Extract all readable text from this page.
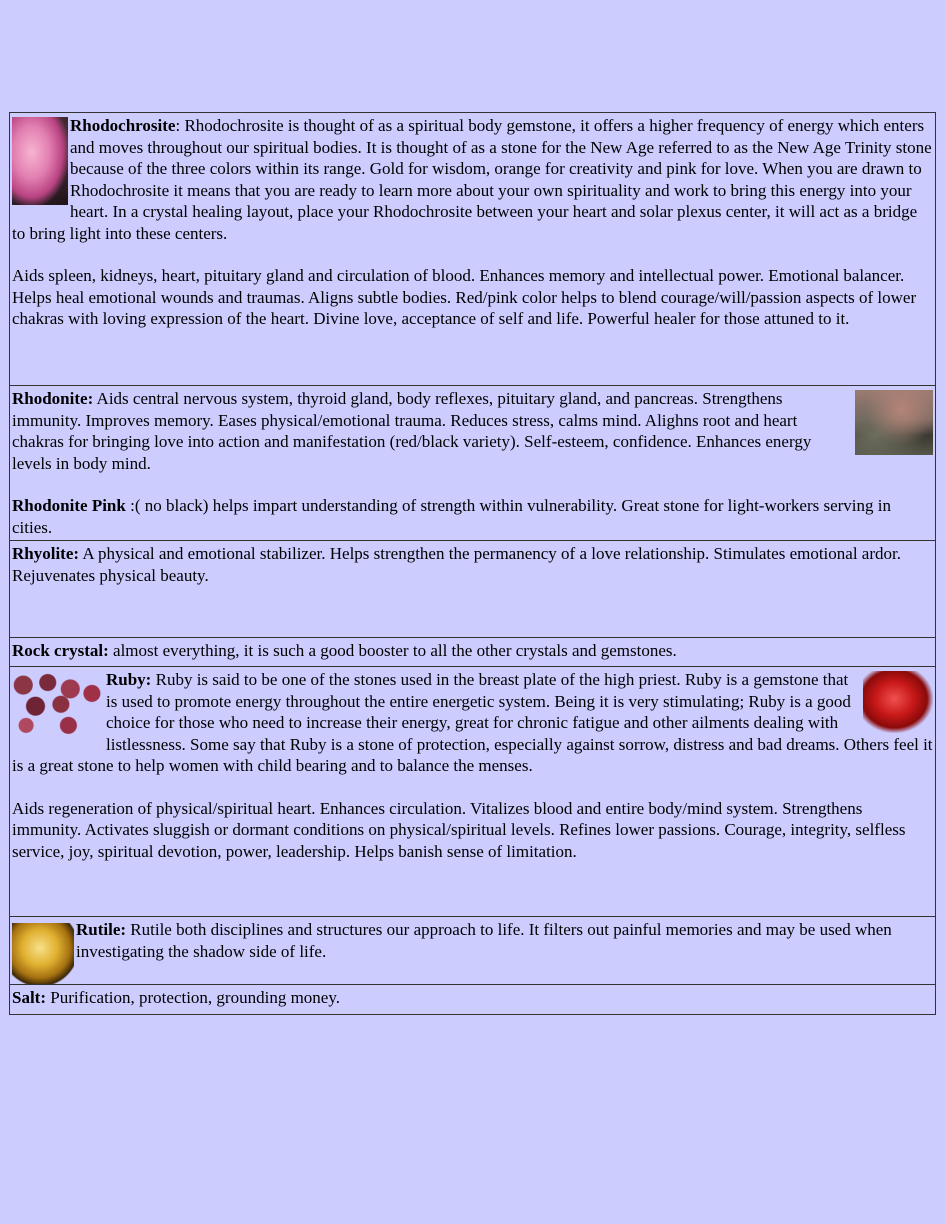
Rhodochrosite: Rhodochrosite is thought of as a spiritual body gemstone, it offers a higher frequency of energy which enters and moves throughout our spiritual bodies. It is thought of as a stone for the New Age referred to as the New Age Trinity stone because of the three colors within its range. Gold for wisdom, orange for creativity and pink for love. When you are drawn to Rhodochrosite it means that you are ready to learn more about your own spirituality and work to bring this energy into your heart. In a crystal healing layout, place your Rhodochrosite between your heart and solar plexus center, it will act as a bridge to bring light into these centers.

Aids spleen, kidneys, heart, pituitary gland and circulation of blood. Enhances memory and intellectual power. Emotional balancer. Helps heal emotional wounds and traumas. Aligns subtle bodies. Red/pink color helps to blend courage/will/passion aspects of lower chakras with loving expression of the heart. Divine love, acceptance of self and life. Powerful healer for those attuned to it.

Rhodonite: Aids central nervous system, thyroid gland, body reflexes, pituitary gland, and pancreas. Strengthens immunity. Improves memory. Eases physical/emotional trauma. Reduces stress, calms mind. Alighns root and heart chakras for bringing love into action and manifestation (red/black variety). Self-esteem, confidence. Enhances energy levels in body mind.

Rhodonite Pink :( no black) helps impart understanding of strength within vulnerability. Great stone for light-workers serving in cities.

Rhyolite: A physical and emotional stabilizer. Helps strengthen the permanency of a love relationship. Stimulates emotional ardor. Rejuvenates physical beauty.

Rock crystal: almost everything, it is such a good booster to all the other crystals and gemstones.

Ruby: Ruby is said to be one of the stones used in the breast plate of the high priest. Ruby is a gemstone that is used to promote energy throughout the entire energetic system. Being it is very stimulating; Ruby is a good choice for those who need to increase their energy, great for chronic fatigue and other ailments dealing with listlessness. Some say that Ruby is a stone of protection, especially against sorrow, distress and bad dreams. Others feel it is a great stone to help women with child bearing and to balance the menses.

Aids regeneration of physical/spiritual heart. Enhances circulation. Vitalizes blood and entire body/mind system. Strengthens immunity. Activates sluggish or dormant conditions on physical/spiritual levels. Refines lower passions. Courage, integrity, selfless service, joy, spiritual devotion, power, leadership. Helps banish sense of limitation.

Rutile: Rutile both disciplines and structures our approach to life. It filters out painful memories and may be used when investigating the shadow side of life.

Salt: Purification, protection, grounding money.
